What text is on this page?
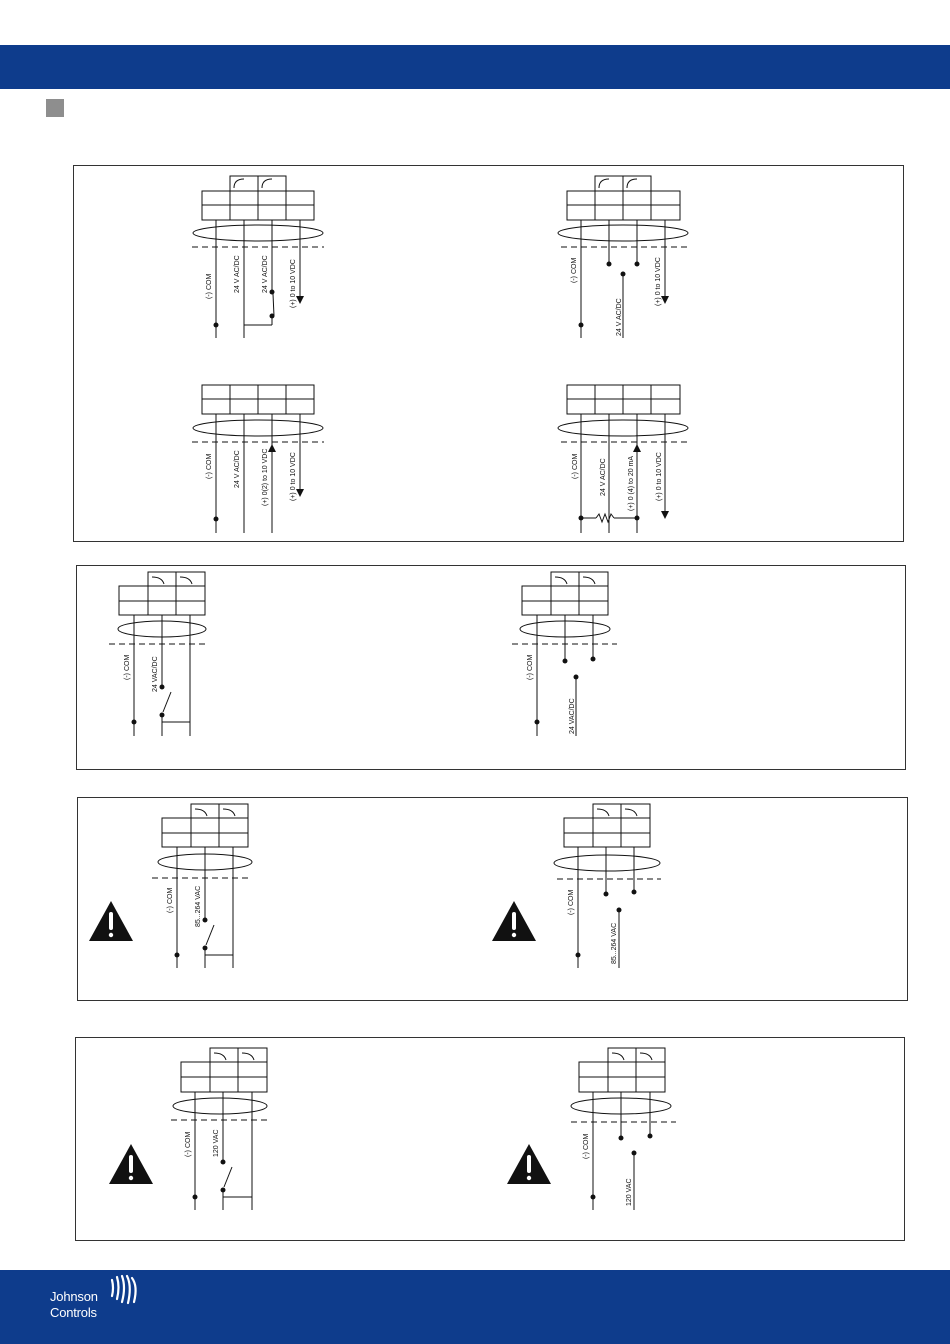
(-) COM	24 V AC/DC	24 V AC/DC	(+) 0 to 10 VDC	(-) COM
24 V AC/DC
(+) 0 to 10 VDC
(-) COM	24 V AC/DC	(+) 0(2) to 10 VDC	(+) 0 to 10 VDC	(-) COM	24 V AC/DC	(+) 0 (4) to 20 mA	(+) 0 to 10 VDC
(-) COM	24 VAC/DC	(-) COM
24 VAC/DC
(-) COM	85...264 VAC	(-) COM
85...264 VAC
(-) COM	120 VAC	(-) COM
120 VAC
Johnson
Controls
